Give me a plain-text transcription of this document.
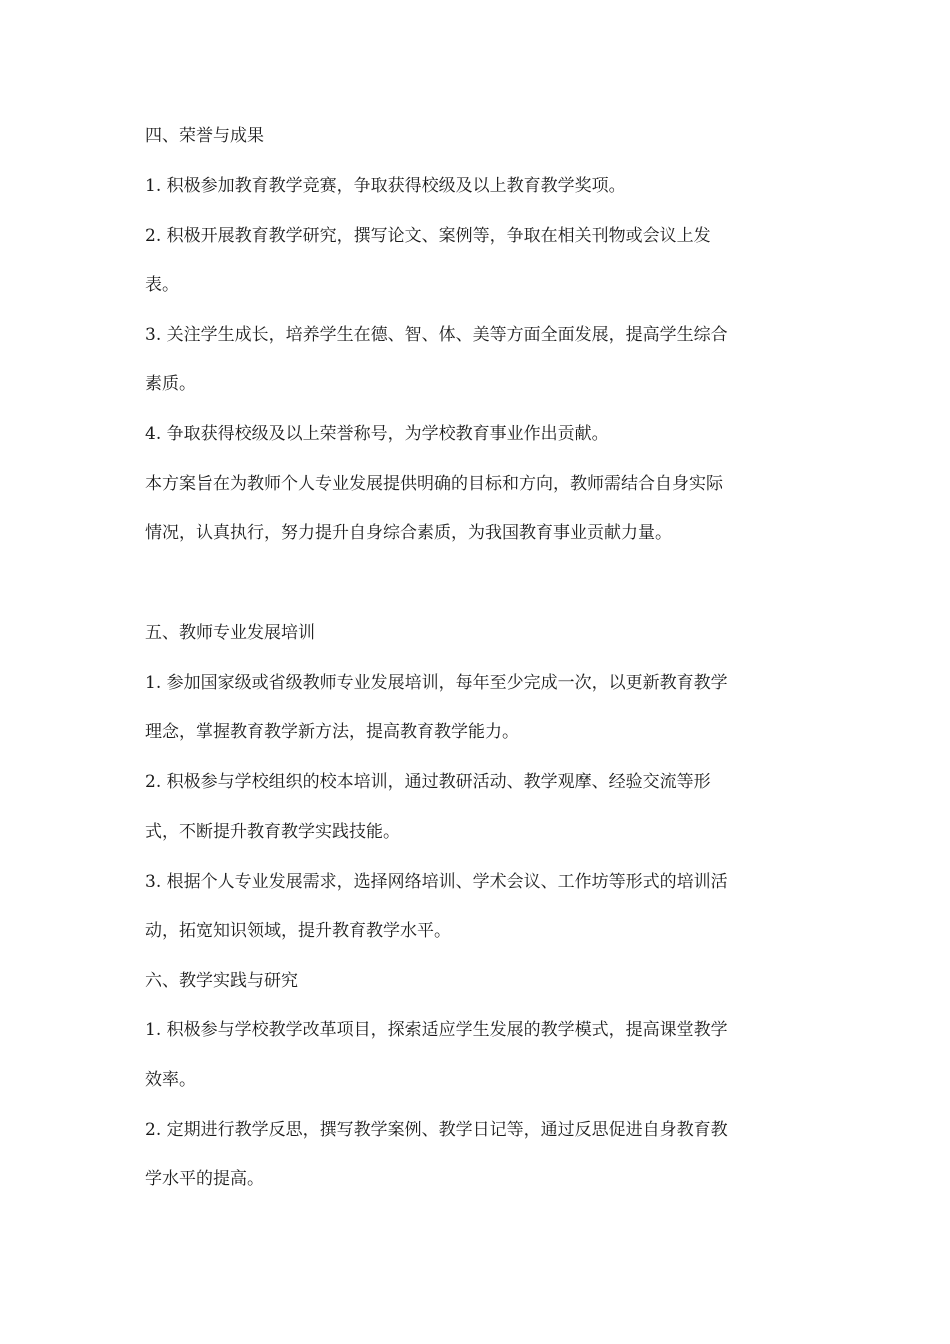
四、荣誉与成果

1. 积极参加教育教学竞赛，争取获得校级及以上教育教学奖项。

2. 积极开展教育教学研究，撰写论文、案例等，争取在相关刊物或会议上发

表。

3. 关注学生成长，培养学生在德、智、体、美等方面全面发展，提高学生综合

素质。

4. 争取获得校级及以上荣誉称号，为学校教育事业作出贡献。

本方案旨在为教师个人专业发展提供明确的目标和方向，教师需结合自身实际

情况，认真执行，努力提升自身综合素质，为我国教育事业贡献力量。

五、教师专业发展培训

1. 参加国家级或省级教师专业发展培训，每年至少完成一次，以更新教育教学

理念，掌握教育教学新方法，提高教育教学能力。

2. 积极参与学校组织的校本培训，通过教研活动、教学观摩、经验交流等形

式，不断提升教育教学实践技能。

3. 根据个人专业发展需求，选择网络培训、学术会议、工作坊等形式的培训活

动，拓宽知识领域，提升教育教学水平。

六、教学实践与研究

1. 积极参与学校教学改革项目，探索适应学生发展的教学模式，提高课堂教学

效率。

2. 定期进行教学反思，撰写教学案例、教学日记等，通过反思促进自身教育教

学水平的提高。
